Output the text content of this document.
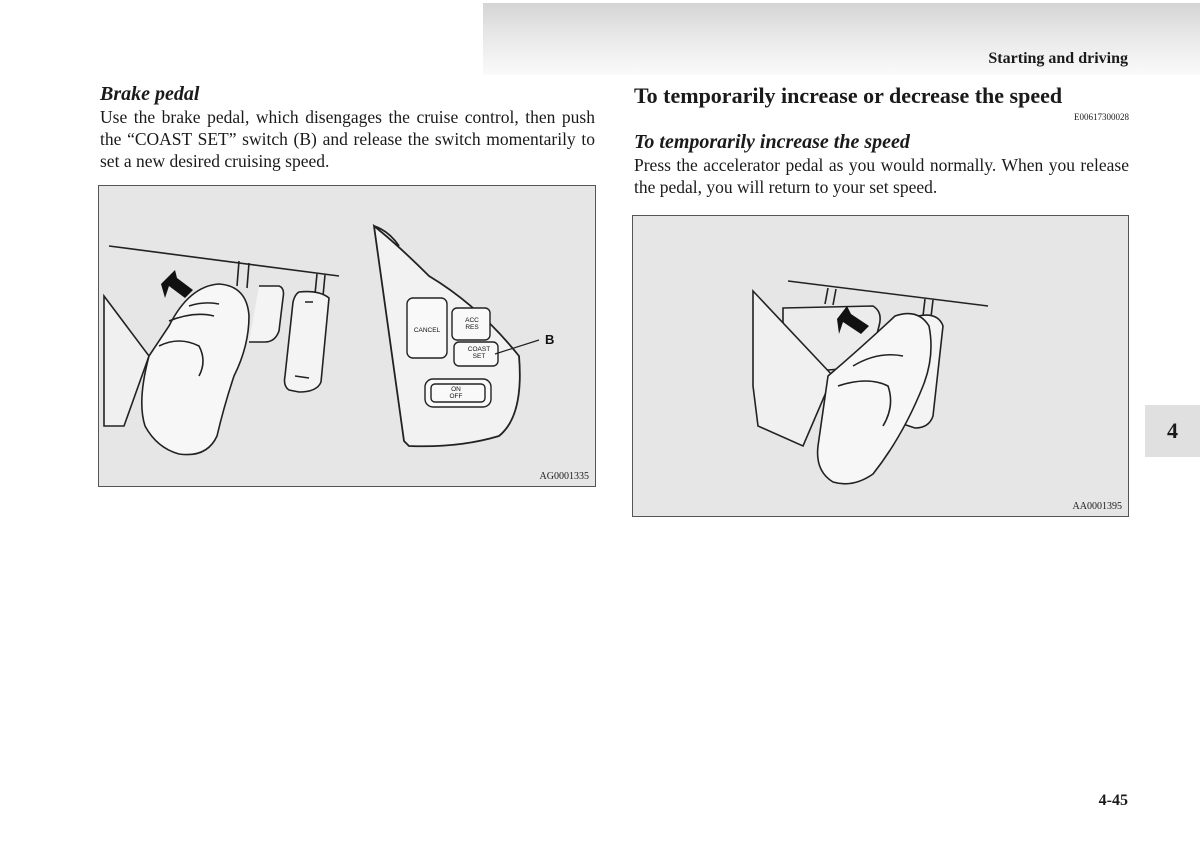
Starting and driving
Brake pedal

Use the brake pedal, which disengages the cruise control, then push the “COAST SET” switch (B) and release the switch momentarily to set a new desired cruising speed.

CANCEL
ACC
RES
COAST
SET
ON
OFF
B
AG0001335
To temporarily increase or decrease the speed
E00617300028
To temporarily increase the speed

Press the accelerator pedal as you would normally. When you release the pedal, you will return to your set speed.

AA0001395
4
4-45
